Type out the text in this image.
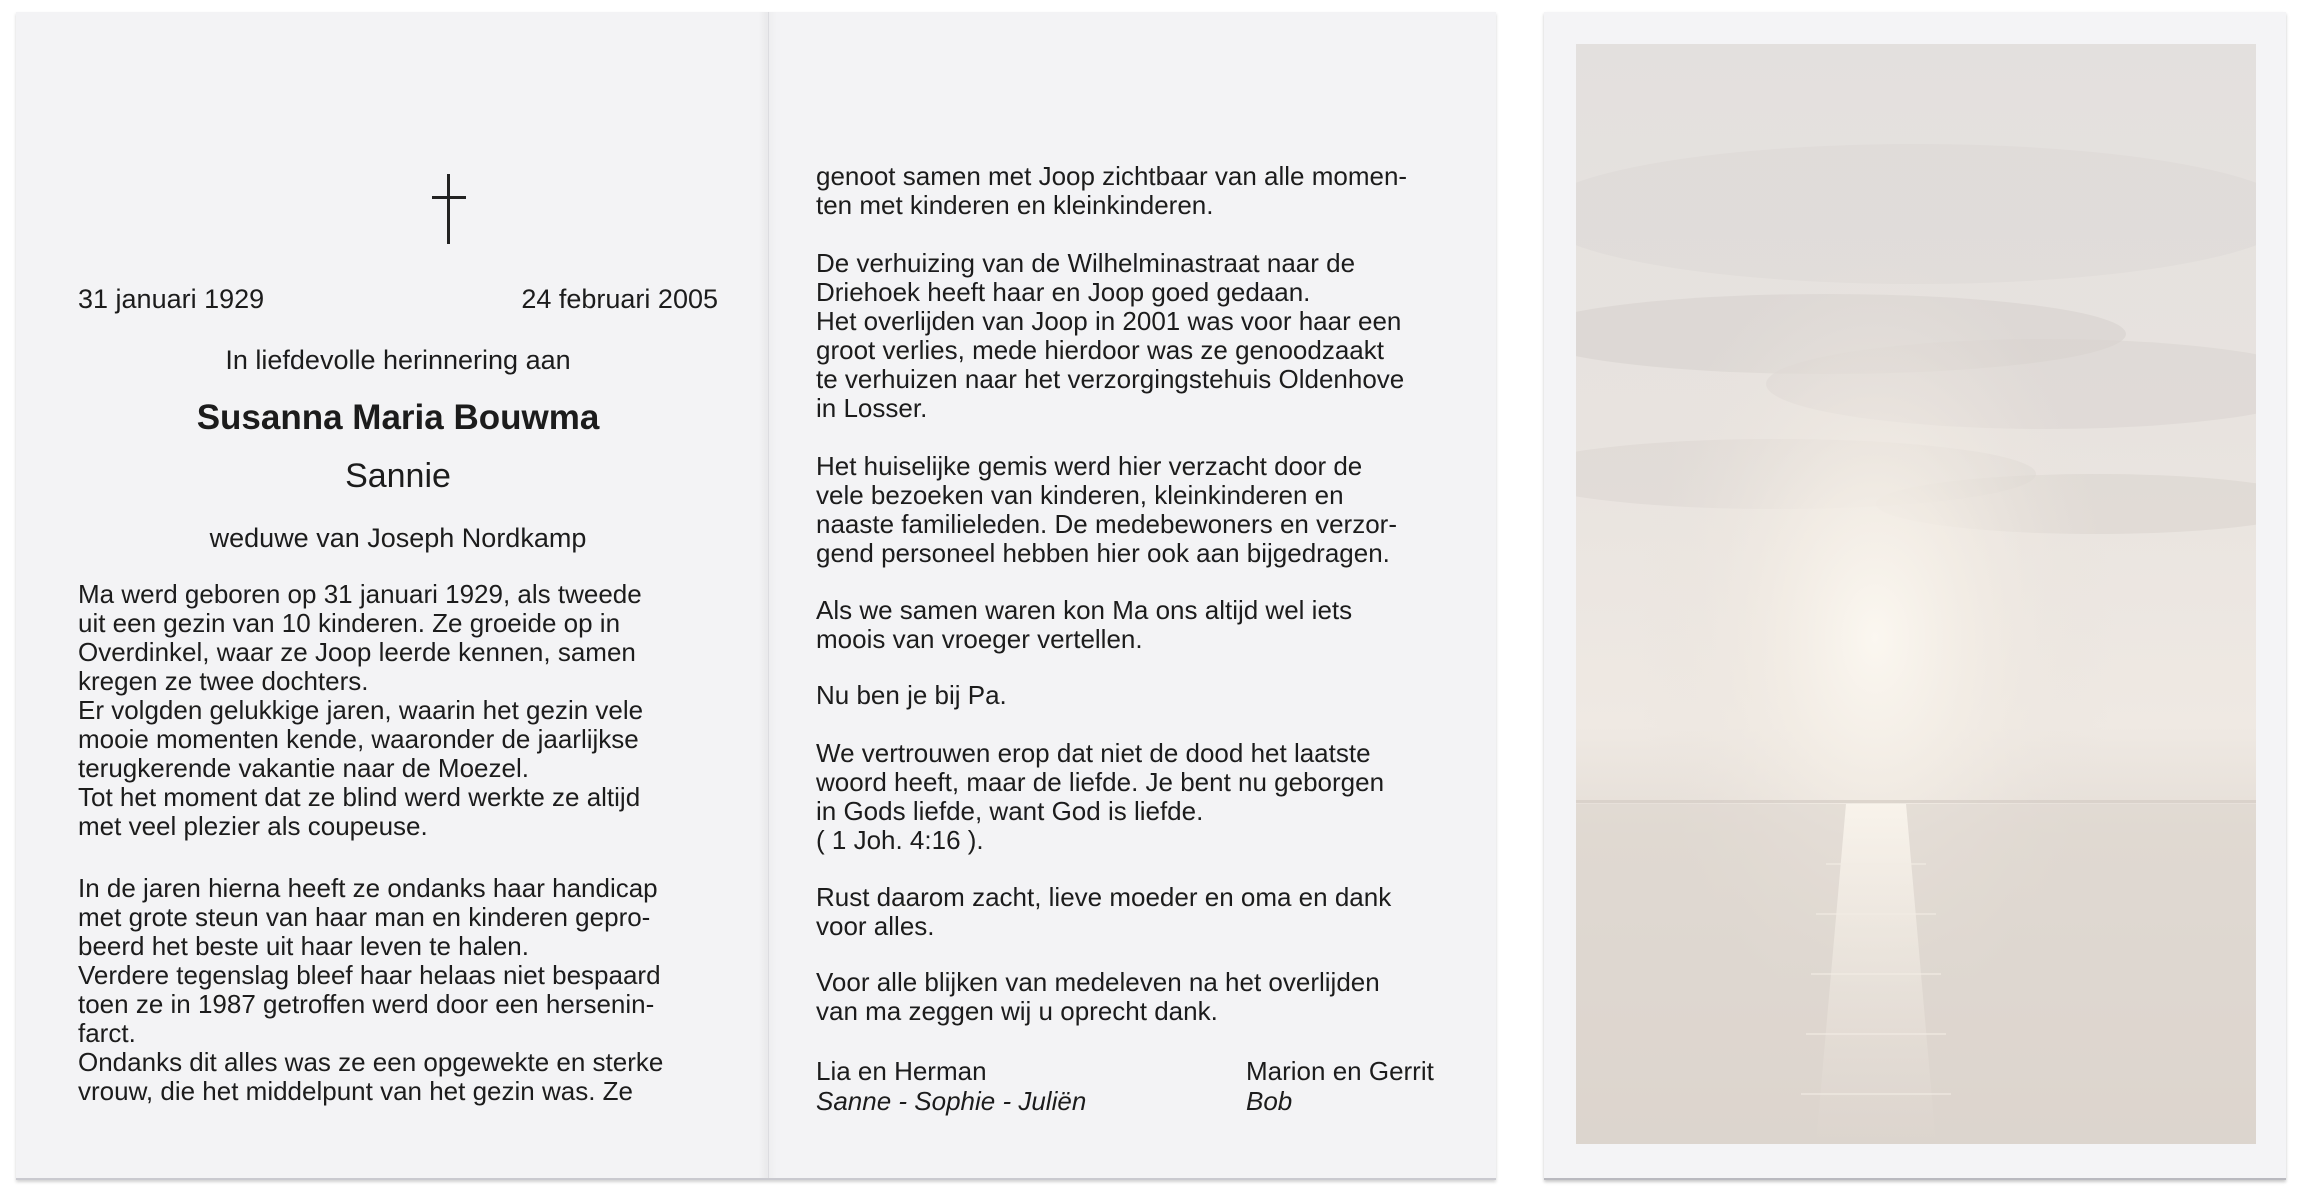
31 januari 1929	24 februari 2005
In liefdevolle herinnering aan
Susanna Maria Bouwma
Sannie
weduwe van Joseph Nordkamp

Ma werd geboren op 31 januari 1929, als tweede

uit een gezin van 10 kinderen. Ze groeide op in

Overdinkel, waar ze Joop leerde kennen, samen

kregen ze twee dochters.

Er volgden gelukkige jaren, waarin het gezin vele

mooie momenten kende, waaronder de jaarlijkse

terugkerende vakantie naar de Moezel.

Tot het moment dat ze blind werd werkte ze altijd

met veel plezier als coupeuse.

In de jaren hierna heeft ze ondanks haar handicap

met grote steun van haar man en kinderen gepro-

beerd het beste uit haar leven te halen.

Verdere tegenslag bleef haar helaas niet bespaard

toen ze in 1987 getroffen werd door een hersenin-

farct.

Ondanks dit alles was ze een opgewekte en sterke

vrouw, die het middelpunt van het gezin was. Ze

genoot samen met Joop zichtbaar van alle momen-

ten met kinderen en kleinkinderen.

De verhuizing van de Wilhelminastraat naar de

Driehoek heeft haar en Joop goed gedaan.

Het overlijden van Joop in 2001 was voor haar een

groot verlies, mede hierdoor was ze genoodzaakt

te verhuizen naar het verzorgingstehuis Oldenhove

in Losser.

Het huiselijke gemis werd hier verzacht door de

vele bezoeken van kinderen, kleinkinderen en

naaste familieleden. De medebewoners en verzor-

gend personeel hebben hier ook aan bijgedragen.

Als we samen waren kon Ma ons altijd wel iets

moois van vroeger vertellen.

Nu ben je bij Pa.

We vertrouwen erop dat niet de dood het laatste

woord heeft, maar de liefde. Je bent nu geborgen

in Gods liefde, want God is liefde.

( 1 Joh. 4:16 ).

Rust daarom zacht, lieve moeder en oma en dank

voor alles.

Voor alle blijken van medeleven na het overlijden

van ma zeggen wij u oprecht dank.

Lia en Herman
Sanne - Sophie - Juliën
Marion en Gerrit
Bob
